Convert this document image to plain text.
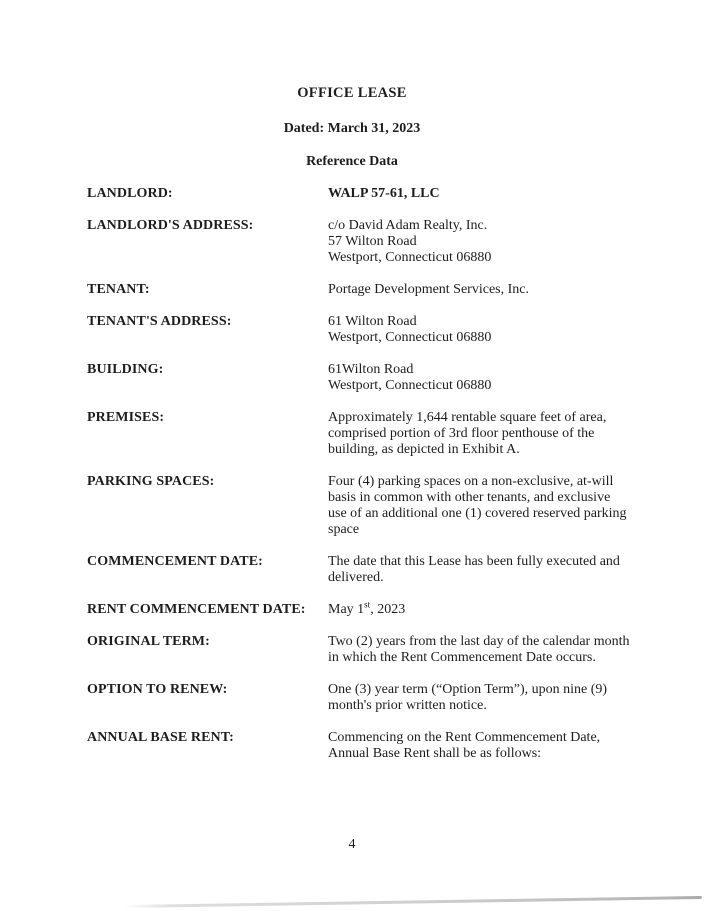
OFFICE LEASE
Dated: March 31, 2023
Reference Data
LANDLORD:	WALP 57-61, LLC
LANDLORD'S ADDRESS:	c/o David Adam Realty, Inc.
57 Wilton Road
Westport, Connecticut 06880
TENANT:	Portage Development Services, Inc.
TENANT'S ADDRESS:	61 Wilton Road
Westport, Connecticut 06880
BUILDING:	61Wilton Road
Westport, Connecticut 06880
PREMISES:	Approximately 1,644 rentable square feet of area,
comprised portion of 3rd floor penthouse of the
building, as depicted in Exhibit A.
PARKING SPACES:	Four (4) parking spaces on a non-exclusive, at-will
basis in common with other tenants, and exclusive
use of an additional one (1) covered reserved parking
space
COMMENCEMENT DATE:	The date that this Lease has been fully executed and
delivered.
RENT COMMENCEMENT DATE:	May 1st, 2023
ORIGINAL TERM:	Two (2) years from the last day of the calendar month
in which the Rent Commencement Date occurs.
OPTION TO RENEW:	One (3) year term (“Option Term”), upon nine (9)
month's prior written notice.
ANNUAL BASE RENT:	Commencing on the Rent Commencement Date,
Annual Base Rent shall be as follows:
4
